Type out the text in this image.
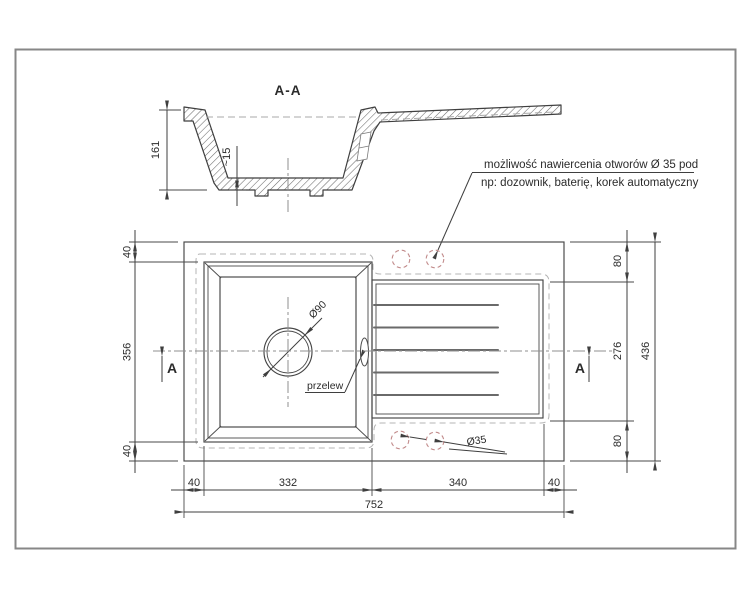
A-A
161	~15	możliwość nawiercenia otworów Ø 35 pod
np: dozownik, baterię, korek automatyczny
Ø90
przelew
Ø35
A	A
40
356
40
80
276
80
436
40	332	340	40
752
